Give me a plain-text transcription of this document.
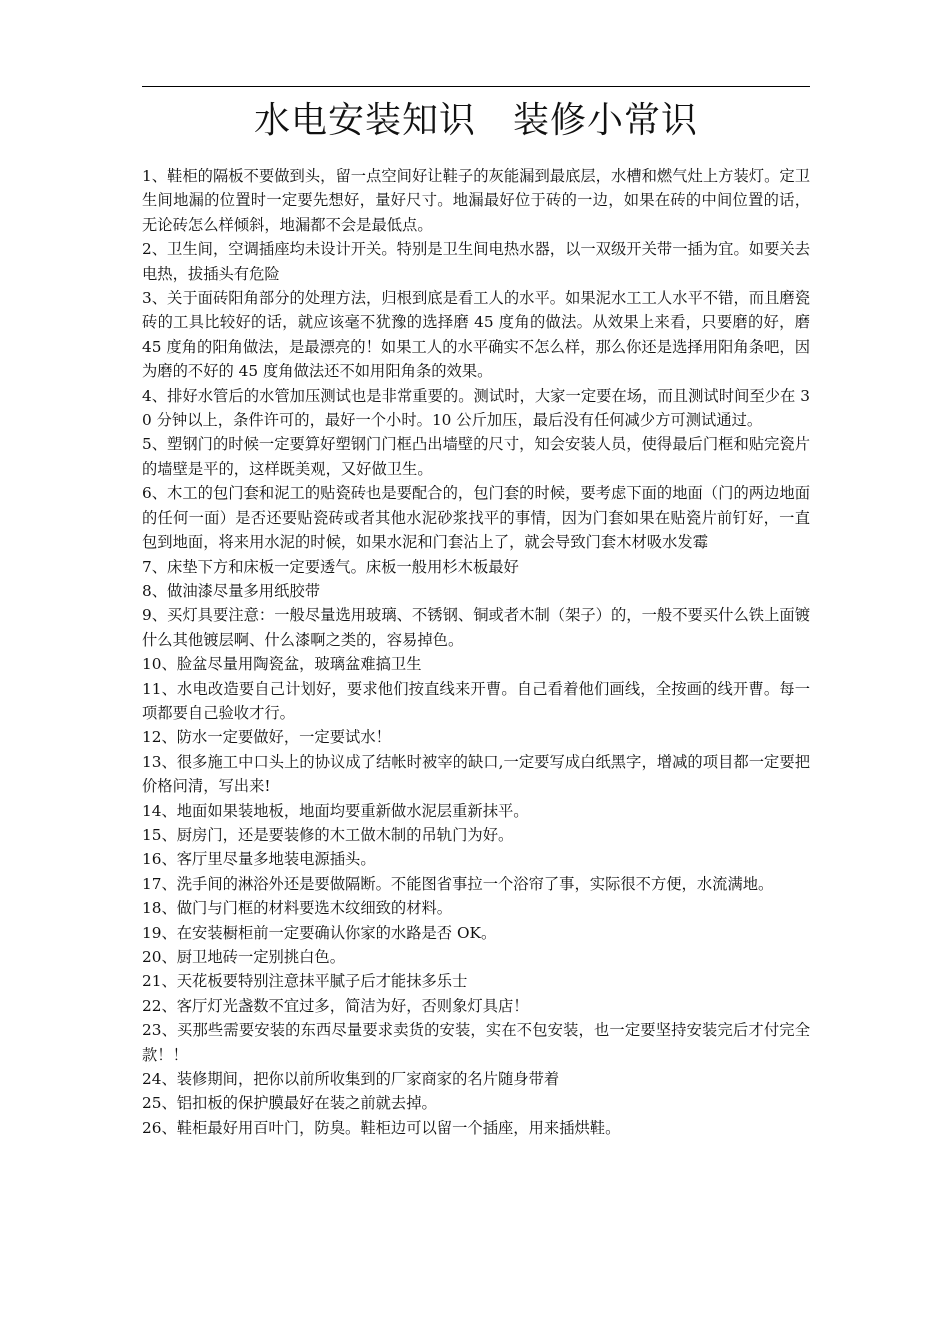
水电安装知识　装修小常识

1、鞋柜的隔板不要做到头，留一点空间好让鞋子的灰能漏到最底层，水槽和燃气灶上方装灯。定卫生间地漏的位置时一定要先想好，量好尺寸。地漏最好位于砖的一边，如果在砖的中间位置的话，无论砖怎么样倾斜，地漏都不会是最低点。

2、卫生间，空调插座均未设计开关。特别是卫生间电热水器，以一双级开关带一插为宜。如要关去电热，拔插头有危险

3、关于面砖阳角部分的处理方法，归根到底是看工人的水平。如果泥水工工人水平不错，而且磨瓷砖的工具比较好的话，就应该毫不犹豫的选择磨 45 度角的做法。从效果上来看，只要磨的好，磨 45 度角的阳角做法，是最漂亮的！如果工人的水平确实不怎么样，那么你还是选择用阳角条吧，因为磨的不好的 45 度角做法还不如用阳角条的效果。

4、排好水管后的水管加压测试也是非常重要的。测试时，大家一定要在场，而且测试时间至少在 30 分钟以上，条件许可的，最好一个小时。10 公斤加压，最后没有任何减少方可测试通过。

5、塑钢门的时候一定要算好塑钢门门框凸出墙壁的尺寸，知会安装人员，使得最后门框和贴完瓷片的墙壁是平的，这样既美观，又好做卫生。

6、木工的包门套和泥工的贴瓷砖也是要配合的，包门套的时候，要考虑下面的地面（门的两边地面的任何一面）是否还要贴瓷砖或者其他水泥砂浆找平的事情，因为门套如果在贴瓷片前钉好，一直包到地面，将来用水泥的时候，如果水泥和门套沾上了，就会导致门套木材吸水发霉

7、床垫下方和床板一定要透气。床板一般用杉木板最好

8、做油漆尽量多用纸胶带

9、买灯具要注意：一般尽量选用玻璃、不锈钢、铜或者木制（架子）的，一般不要买什么铁上面镀什么其他镀层啊、什么漆啊之类的，容易掉色。

10、脸盆尽量用陶瓷盆，玻璃盆难搞卫生

11、水电改造要自己计划好，要求他们按直线来开曹。自己看着他们画线，全按画的线开曹。每一项都要自己验收才行。

12、防水一定要做好，一定要试水！

13、很多施工中口头上的协议成了结帐时被宰的缺口,一定要写成白纸黑字，增减的项目都一定要把价格问清，写出来!

14、地面如果装地板，地面均要重新做水泥层重新抹平。

15、厨房门，还是要装修的木工做木制的吊轨门为好。

16、客厅里尽量多地装电源插头。

17、洗手间的淋浴外还是要做隔断。不能图省事拉一个浴帘了事，实际很不方便，水流满地。

18、做门与门框的材料要选木纹细致的材料。

19、在安装橱柜前一定要确认你家的水路是否 OK。

20、厨卫地砖一定别挑白色。

21、天花板要特别注意抹平腻子后才能抹多乐士

22、客厅灯光盏数不宜过多，简洁为好，否则象灯具店！

23、买那些需要安装的东西尽量要求卖货的安装，实在不包安装，也一定要坚持安装完后才付完全款！！

24、装修期间，把你以前所收集到的厂家商家的名片随身带着

25、铝扣板的保护膜最好在装之前就去掉。

26、鞋柜最好用百叶门，防臭。鞋柜边可以留一个插座，用来插烘鞋。
